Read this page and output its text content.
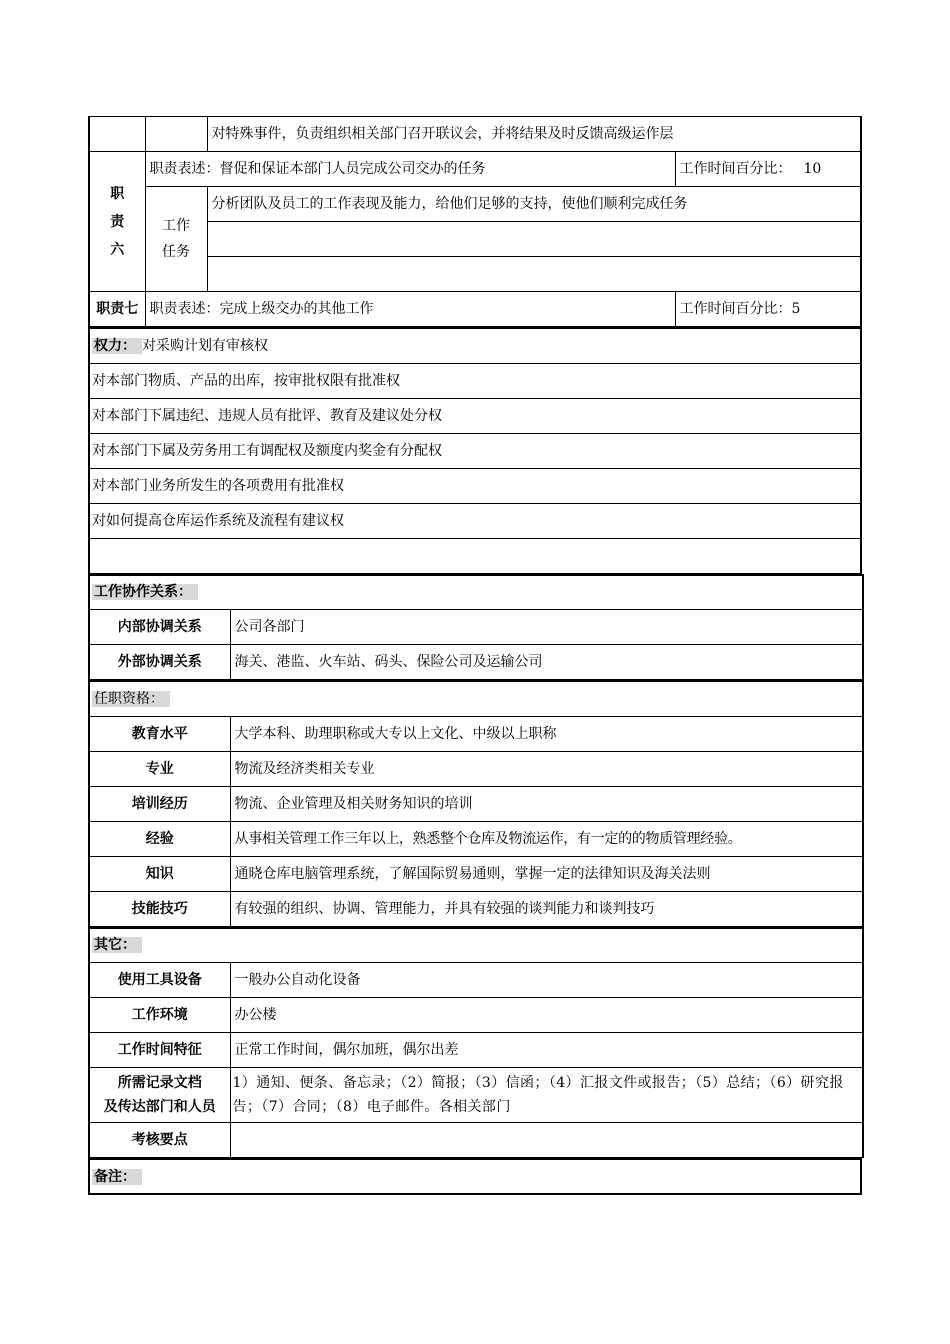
		对特殊事件，负责组织相关部门召开联议会，并将结果及时反馈高级运作层	
职
责
六	职责表述：督促和保证本部门人员完成公司交办的任务		工作时间百分比： 10
	工作
任务	分析团队及员工的工作表现及能力，给他们足够的支持，使他们顺利完成任务	

职责七	职责表述：完成上级交办的其他工作		工作时间百分比：5
权力： 对采购计划有审核权
对本部门物质、产品的出库，按审批权限有批准权
对本部门下属违纪、违规人员有批评、教育及建议处分权
对本部门下属及劳务用工有调配权及额度内奖金有分配权
对本部门业务所发生的各项费用有批准权
对如何提高仓库运作系统及流程有建议权

工作协作关系：	
内部协调关系	公司各部门
外部协调关系	海关、港监、火车站、码头、保险公司及运输公司
任职资格：	
教育水平	大学本科、助理职称或大专以上文化、中级以上职称
专业	物流及经济类相关专业
培训经历	物流、企业管理及相关财务知识的培训
经验	从事相关管理工作三年以上，熟悉整个仓库及物流运作，有一定的的物质管理经验。
知识	通晓仓库电脑管理系统，了解国际贸易通则，掌握一定的法律知识及海关法则
技能技巧	有较强的组织、协调、管理能力，并具有较强的谈判能力和谈判技巧
其它：	
使用工具设备	一般办公自动化设备
工作环境	办公楼
工作时间特征	正常工作时间，偶尔加班，偶尔出差
所需记录文档
及传达部门和人员	1）通知、便条、备忘录；（2）简报；（3）信函；（4）汇报文件或报告；（5）总结；（6）研究报告；（7）合同；（8）电子邮件。各相关部门
考核要点	
备注：
